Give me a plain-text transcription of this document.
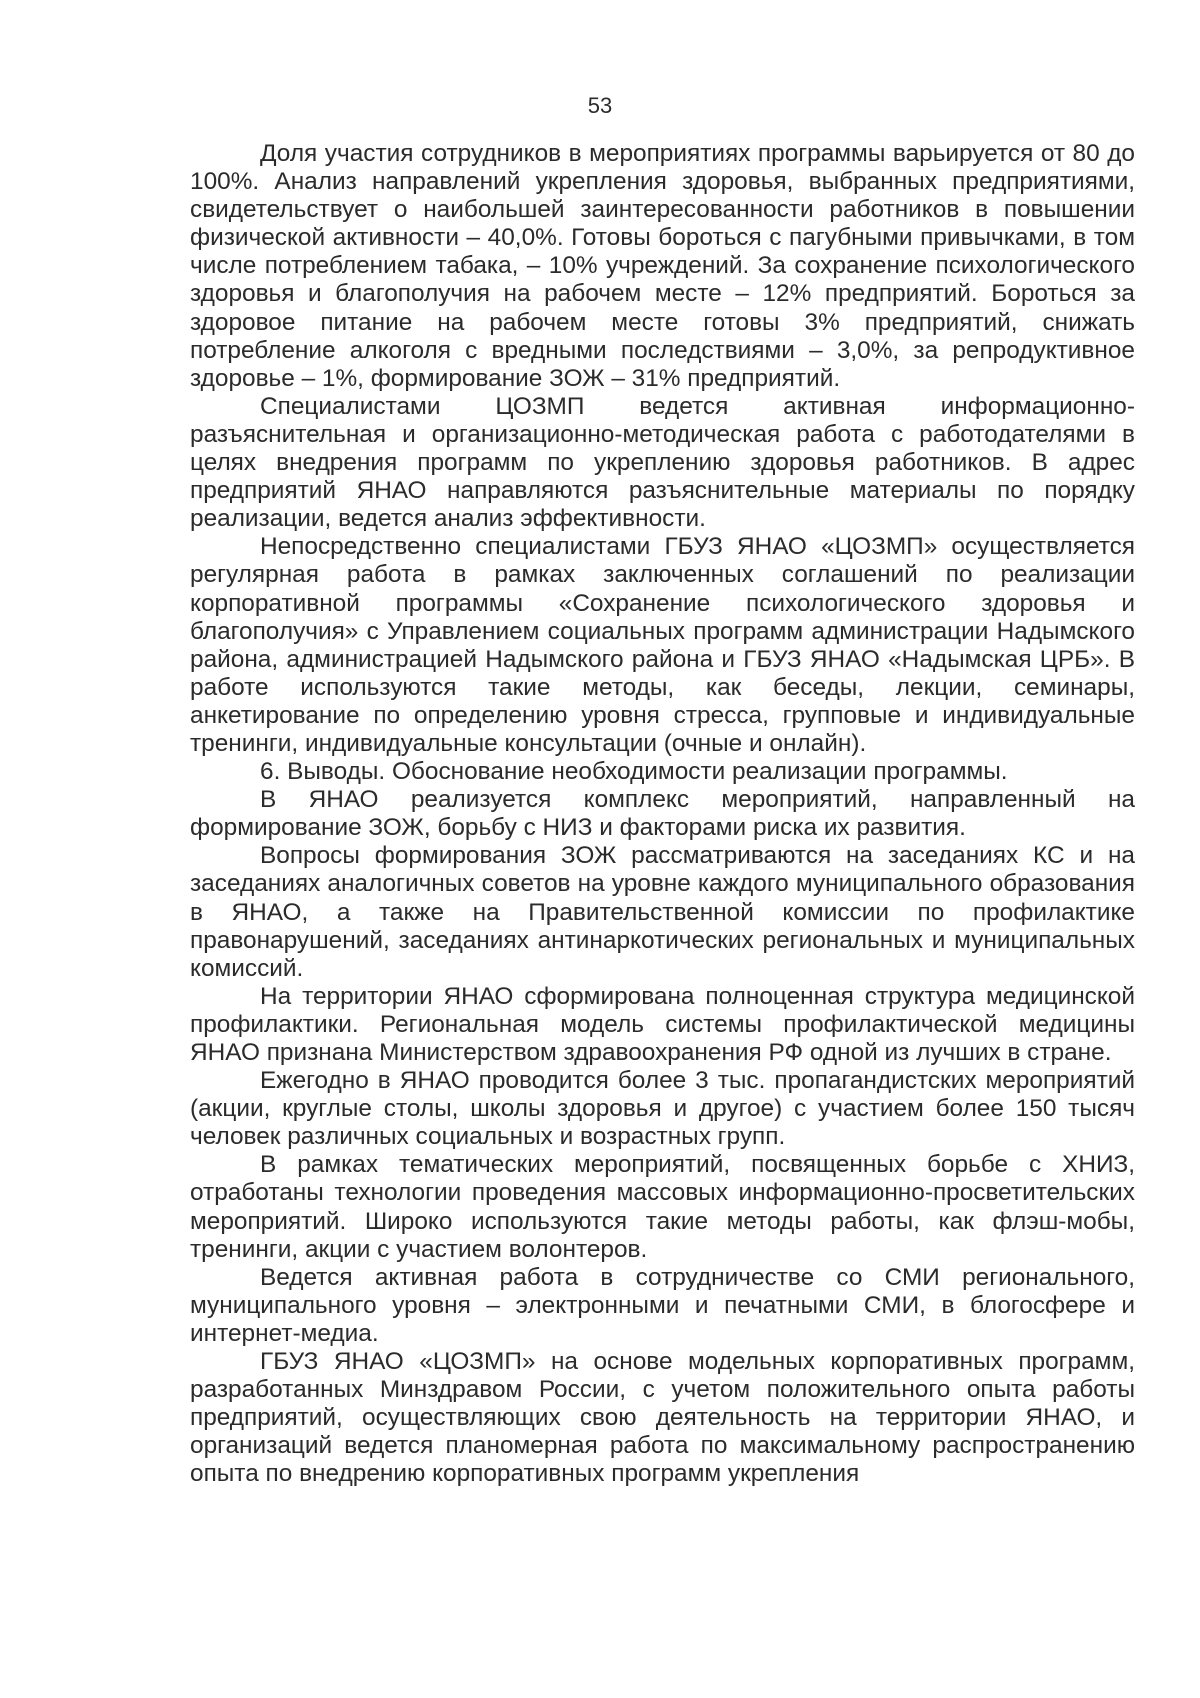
53

Доля участия сотрудников в мероприятиях программы варьируется от 80 до 100%. Анализ направлений укрепления здоровья, выбранных предприятиями, свидетельствует о наибольшей заинтересованности работников в повышении физической активности – 40,0%. Готовы бороться с пагубными привычками, в том числе потреблением табака, – 10% учреждений. За сохранение психологического здоровья и благополучия на рабочем месте – 12% предприятий. Бороться за здоровое питание на рабочем месте готовы 3% предприятий, снижать потребление алкоголя с вредными последствиями – 3,0%, за репродуктивное здоровье – 1%, формирование ЗОЖ – 31% предприятий.

Специалистами ЦОЗМП ведется активная информационно-разъяснительная и организационно-методическая работа с работодателями в целях внедрения программ по укреплению здоровья работников. В адрес предприятий ЯНАО направляются разъяснительные материалы по порядку реализации, ведется анализ эффективности.

Непосредственно специалистами ГБУЗ ЯНАО «ЦОЗМП» осуществляется регулярная работа в рамках заключенных соглашений по реализации корпоративной программы «Сохранение психологического здоровья и благополучия» с Управлением социальных программ администрации Надымского района, администрацией Надымского района и ГБУЗ ЯНАО «Надымская ЦРБ». В работе используются такие методы, как беседы, лекции, семинары, анкетирование по определению уровня стресса, групповые и индивидуальные тренинги, индивидуальные консультации (очные и онлайн).

6. Выводы. Обоснование необходимости реализации программы.

В ЯНАО реализуется комплекс мероприятий, направленный на формирование ЗОЖ, борьбу с НИЗ и факторами риска их развития.

Вопросы формирования ЗОЖ рассматриваются на заседаниях КС и на заседаниях аналогичных советов на уровне каждого муниципального образования в ЯНАО, а также на Правительственной комиссии по профилактике правонарушений, заседаниях антинаркотических региональных и муниципальных комиссий.

На территории ЯНАО сформирована полноценная структура медицинской профилактики. Региональная модель системы профилактической медицины ЯНАО признана Министерством здравоохранения РФ одной из лучших в стране.

Ежегодно в ЯНАО проводится более 3 тыс. пропагандистских мероприятий (акции, круглые столы, школы здоровья и другое) с участием более 150 тысяч человек различных социальных и возрастных групп.

В рамках тематических мероприятий, посвященных борьбе с ХНИЗ, отработаны технологии проведения массовых информационно-просветительских мероприятий. Широко используются такие методы работы, как флэш-мобы, тренинги, акции с участием волонтеров.

Ведется активная работа в сотрудничестве со СМИ регионального, муниципального уровня – электронными и печатными СМИ, в блогосфере и интернет-медиа.

ГБУЗ ЯНАО «ЦОЗМП» на основе модельных корпоративных программ, разработанных Минздравом России, с учетом положительного опыта работы предприятий, осуществляющих свою деятельность на территории ЯНАО, и организаций ведется планомерная работа по максимальному распространению опыта по внедрению корпоративных программ укрепления
